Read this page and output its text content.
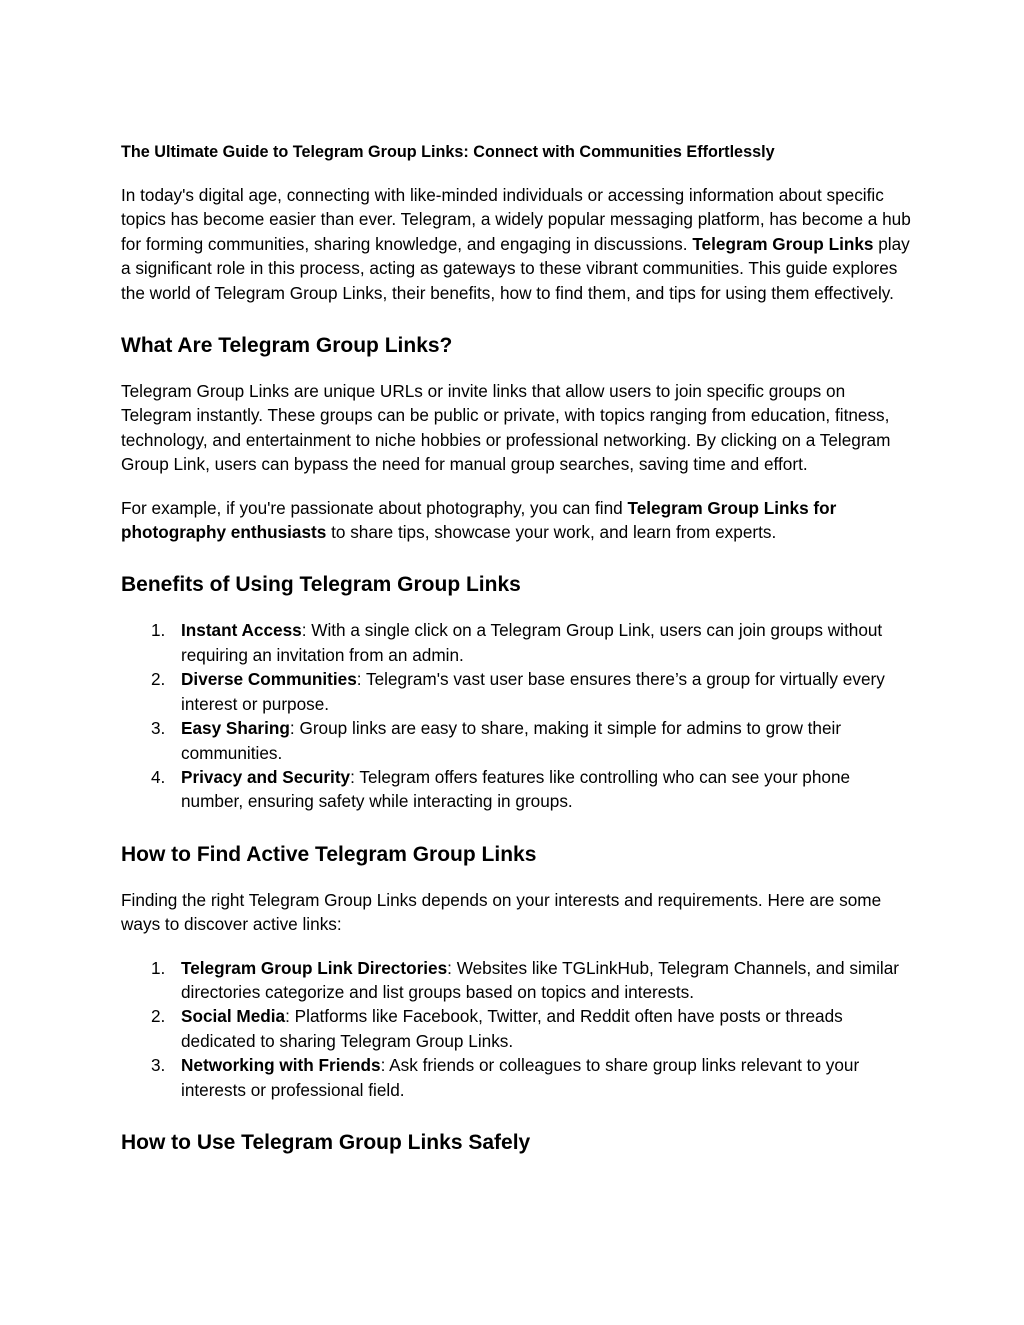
The Ultimate Guide to Telegram Group Links: Connect with Communities Effortlessly

In today's digital age, connecting with like-minded individuals or accessing information about specific topics has become easier than ever. Telegram, a widely popular messaging platform, has become a hub for forming communities, sharing knowledge, and engaging in discussions. Telegram Group Links play a significant role in this process, acting as gateways to these vibrant communities. This guide explores the world of Telegram Group Links, their benefits, how to find them, and tips for using them effectively.

What Are Telegram Group Links?

Telegram Group Links are unique URLs or invite links that allow users to join specific groups on Telegram instantly. These groups can be public or private, with topics ranging from education, fitness, technology, and entertainment to niche hobbies or professional networking. By clicking on a Telegram Group Link, users can bypass the need for manual group searches, saving time and effort.

For example, if you're passionate about photography, you can find Telegram Group Links for photography enthusiasts to share tips, showcase your work, and learn from experts.

Benefits of Using Telegram Group Links
1. Instant Access: With a single click on a Telegram Group Link, users can join groups without requiring an invitation from an admin.
2. Diverse Communities: Telegram's vast user base ensures there’s a group for virtually every interest or purpose.
3. Easy Sharing: Group links are easy to share, making it simple for admins to grow their communities.
4. Privacy and Security: Telegram offers features like controlling who can see your phone number, ensuring safety while interacting in groups.
How to Find Active Telegram Group Links

Finding the right Telegram Group Links depends on your interests and requirements. Here are some ways to discover active links:

1. Telegram Group Link Directories: Websites like TGLinkHub, Telegram Channels, and similar directories categorize and list groups based on topics and interests.
2. Social Media: Platforms like Facebook, Twitter, and Reddit often have posts or threads dedicated to sharing Telegram Group Links.
3. Networking with Friends: Ask friends or colleagues to share group links relevant to your interests or professional field.
How to Use Telegram Group Links Safely
